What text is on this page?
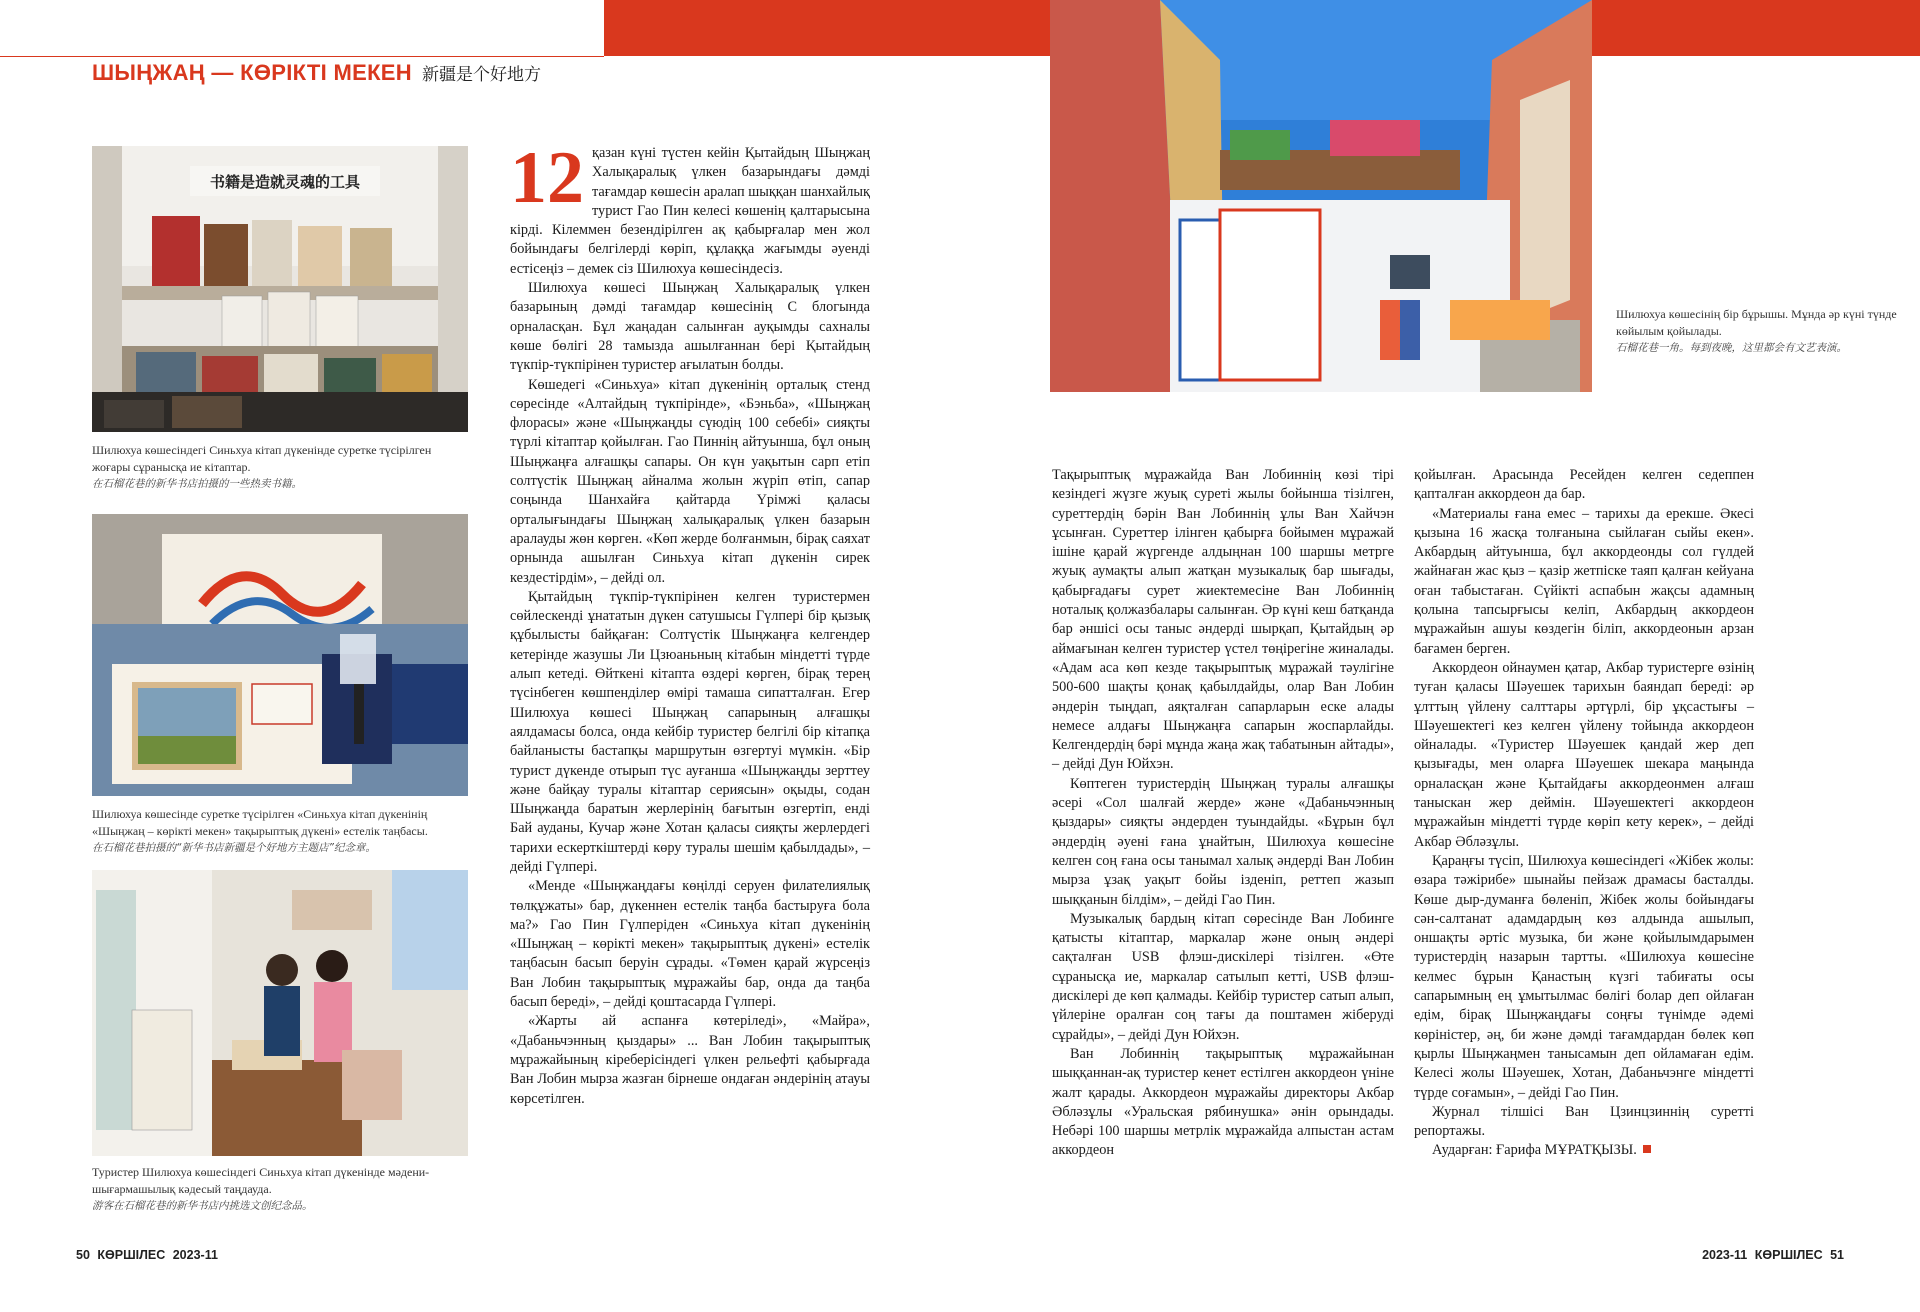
ШЫҢЖАҢ — КӨРІКТІ МЕКЕН 新疆是个好地方
书籍是造就灵魂的工具
Шилюхуа көшесіндегі Синьхуа кітап дүкенінде суретке түсірілген жоғары сұранысқа ие кітаптар.
在石榴花巷的新华书店拍摄的一些热卖书籍。
Шилюхуа көшесінде суретке түсірілген «Синьхуа кітап дүкенінің «Шыңжаң – көрікті мекен» тақырыптық дүкені» естелік таңбасы.
在石榴花巷拍摄的“新华书店新疆是个好地方主题店”纪念章。
Туристер Шилюхуа көшесіндегі Синьхуа кітап дүкенінде мәдени-шығармашылық кәдесый таңдауда.
游客在石榴花巷的新华书店内挑选文创纪念品。

12 қазан күні түстен кейін Қытайдың Шыңжаң Халықаралық үлкен базарындағы дәмді тағамдар көшесін аралап шыққан шанхайлық турист Гао Пин келесі көшенің қалтарысына кірді. Кілеммен безендірілген ақ қабырғалар мен жол бойындағы белгілерді көріп, құлаққа жағымды әуенді естісеңіз – демек сіз Шилюхуа көшесіндесіз.

Шилюхуа көшесі Шыңжаң Халықаралық үлкен базарының дәмді тағамдар көшесінің С блогында орналасқан. Бұл жаңадан салынған ауқымды сахналы көше бөлігі 28 тамызда ашылғаннан бері Қытайдың түкпір-түкпірінен туристер ағылатын болды.

Көшедегі «Синьхуа» кітап дүкенінің орталық стенд сөресінде «Алтайдың түкпірінде», «Бэньба», «Шыңжаң флорасы» және «Шыңжаңды сүюдің 100 себебі» сияқты түрлі кітаптар қойылған. Гао Пиннің айтуынша, бұл оның Шыңжаңға алғашқы сапары. Он күн уақытын сарп етіп солтүстік Шыңжаң айналма жолын жүріп өтіп, сапар соңында Шанхайға қайтарда Үрімжі қаласы орталығындағы Шыңжаң халықаралық үлкен базарын аралауды жөн көрген. «Көп жерде болғанмын, бірақ саяхат орнында ашылған Синьхуа кітап дүкенін сирек кездестірдім», – дейді ол.

Қытайдың түкпір-түкпірінен келген туристермен сөйлескенді ұнататын дүкен сатушысы Гүлпері бір қызық құбылысты байқаған: Солтүстік Шыңжаңға келгендер кетерінде жазушы Ли Цзюаньның кітабын міндетті түрде алып кетеді. Өйткені кітапта өздері көрген, бірақ терең түсінбеген көшпенділер өмірі тамаша сипатталған. Егер Шилюхуа көшесі Шыңжаң сапарының алғашқы аялдамасы болса, онда кейбір туристер белгілі бір кітапқа байланысты бастапқы маршрутын өзгертуі мүмкін. «Бір турист дүкенде отырып түс ауғанша «Шыңжаңды зерттеу және байқау туралы кітаптар сериясын» оқыды, содан Шыңжаңда баратын жерлерінің бағытын өзгертіп, енді Бай ауданы, Кучар және Хотан қаласы сияқты жерлердегі тарихи ескерткіштерді көру туралы шешім қабылдады», – дейді Гүлпері.

«Менде «Шыңжаңдағы көңілді серуен филателиялық төлқұжаты» бар, дүкеннен естелік таңба бастыруға бола ма?» Гао Пин Гүлперіден «Синьхуа кітап дүкенінің «Шыңжаң – көрікті мекен» тақырыптық дүкені» естелік таңбасын басып беруін сұрады. «Төмен қарай жүрсеңіз Ван Лобин тақырыптық мұражайы бар, онда да таңба басып береді», – дейді қоштасарда Гүлпері.

«Жарты ай аспанға көтеріледі», «Майра», «Дабаньчэнның қыздары» ... Ван Лобин тақырыптық мұражайының кіреберісіндегі үлкен рельефті қабырғада Ван Лобин мырза жазған бірнеше ондаған әндерінің атауы көрсетілген.

Шилюхуа көшесінің бір бұрышы. Мұнда әр күні түнде көйылым қойылады.
石榴花巷一角。每到夜晚，这里都会有文艺表演。

Тақырыптық мұражайда Ван Лобиннің көзі тірі кезіндегі жүзге жуық суреті жылы бойынша тізілген, суреттердің бәрін Ван Лобиннің ұлы Ван Хайчэн ұсынған. Суреттер ілінген қабырға бойымен мұражай ішіне қарай жүргенде алдыңнан 100 шаршы метрге жуық аумақты алып жатқан музыкалық бар шығады, қабырғадағы сурет жиектемесіне Ван Лобиннің ноталық қолжазбалары салынған. Әр күні кеш батқанда бар әншісі осы таныс әндерді шырқап, Қытайдың әр аймағынан келген туристер үстел төңірегіне жиналады. «Адам аса көп кезде тақырыптық мұражай тәулігіне 500-600 шақты қонақ қабылдайды, олар Ван Лобин әндерін тыңдап, аяқталған сапарларын еске алады немесе алдағы Шыңжаңға сапарын жоспарлайды. Келгендердің бәрі мұнда жаңа жақ табатынын айтады», – дейді Дун Юйхэн.

Көптеген туристердің Шыңжаң туралы алғашқы әсері «Сол шалғай жерде» және «Дабаньчэнның қыздары» сияқты әндерден туындайды. «Бұрын бұл әндердің әуені ғана ұнайтын, Шилюхуа көшесіне келген соң ғана осы танымал халық әндерді Ван Лобин мырза ұзақ уақыт бойы ізденіп, реттеп жазып шыққанын білдім», – дейді Гао Пин.

Музыкалық бардың кітап сөресінде Ван Лобинге қатысты кітаптар, маркалар және оның әндері сақталған USB флэш-дискілері тізілген. «Өте сұранысқа ие, маркалар сатылып кетті, USB флэш-дискілері де көп қалмады. Кейбір туристер сатып алып, үйлеріне оралған соң тағы да поштамен жіберуді сұрайды», – дейді Дун Юйхэн.

Ван Лобиннің тақырыптық мұражайынан шыққаннан-ақ туристер кенет естілген аккордеон үніне жалт қарады. Аккордеон мұражайы директоры Акбар Әбләзұлы «Уральская рябинушка» әнін орындады. Небәрі 100 шаршы метрлік мұражайда алпыстан астам аккордеон

қойылған. Арасында Ресейден келген седеппен қапталған аккордеон да бар.

«Материалы ғана емес – тарихы да ерекше. Әкесі қызына 16 жасқа толғанына сыйлаған сыйы екен». Акбардың айтуынша, бұл аккордеонды сол гүлдей жайнаған жас қыз – қазір жетпіске таяп қалған кейуана оған табыстаған. Сүйікті аспабын жақсы адамның қолына тапсырғысы келіп, Акбардың аккордеон мұражайын ашуы көздегін біліп, аккордеонын арзан бағамен берген.

Аккордеон ойнаумен қатар, Акбар туристерге өзінің туған қаласы Шәуешек тарихын баяндап береді: әр ұлттың үйлену салттары әртүрлі, бір ұқсастығы – Шәуешектегі кез келген үйлену тойында аккордеон ойналады. «Туристер Шәуешек қандай жер деп қызығады, мен оларға Шәуешек шекара маңында орналасқан және Қытайдағы аккордеонмен алғаш таныскан жер деймін. Шәуешектегі аккордеон мұражайын міндетті түрде көріп кету керек», – дейді Акбар Әбләзұлы.

Қараңғы түсіп, Шилюхуа көшесіндегі «Жібек жолы: өзара тәжірибе» шынайы пейзаж драмасы басталды. Көше дыр-думанға бөленіп, Жібек жолы бойындағы сән-салтанат адамдардың көз алдында ашылып, оншақты әртіс музыка, би және қойылымдарымен туристердің назарын тартты. «Шилюхуа көшесіне келмес бұрын Қанастың күзгі табиғаты осы сапарымның ең ұмытылмас бөлігі болар деп ойлаған едім, бірақ Шыңжаңдағы соңғы түнімде әдемі көріністер, әң, би және дәмді тағамдардан бөлек көп қырлы Шыңжаңмен танысамын деп ойламаған едім. Келесі жолы Шәуешек, Хотан, Дабаньчэнге міндетті түрде соғамын», – дейді Гао Пин.

Журнал тілшісі Ван Цзинцзиннің суретті репортажы.

Аударған: Ғарифа МҰРАТҚЫЗЫ.

50 КӨРШІЛЕС 2023-11	2023-11 КӨРШІЛЕС 51
